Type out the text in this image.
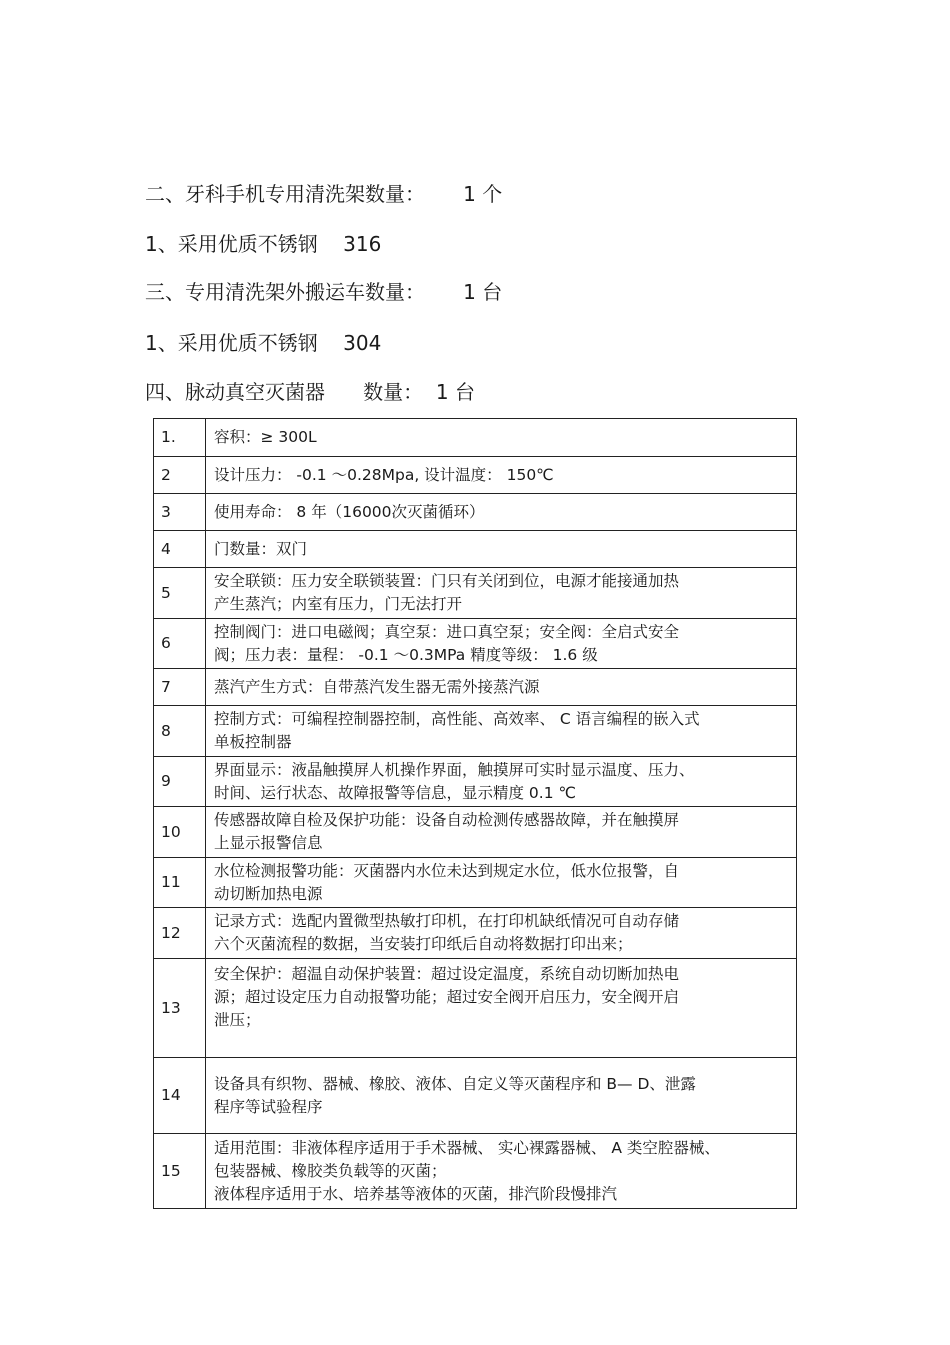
二、牙科手机专用清洗架数量：      1 个
1、采用优质不锈钢    316
三、专用清洗架外搬运车数量：      1 台
1、采用优质不锈钢    304
四、脉动真空灭菌器      数量：  1 台
1.	容积：≥ 300L
2	设计压力： -0.1 ～0.28Mpa, 设计温度： 150℃
3	使用寿命： 8 年（16000次灭菌循环）
4	门数量：双门
5	安全联锁：压力安全联锁装置：门只有关闭到位，电源才能接通加热
产生蒸汽；内室有压力，门无法打开
6	控制阀门：进口电磁阀；真空泵：进口真空泵；安全阀：全启式安全
阀；压力表：量程： -0.1 ～0.3MPa 精度等级： 1.6 级
7	蒸汽产生方式：自带蒸汽发生器无需外接蒸汽源
8	控制方式：可编程控制器控制，高性能、高效率、 C 语言编程的嵌入式
单板控制器
9	界面显示：液晶触摸屏人机操作界面，触摸屏可实时显示温度、压力、
时间、运行状态、故障报警等信息，显示精度 0.1 ℃
10	传感器故障自检及保护功能：设备自动检测传感器故障，并在触摸屏
上显示报警信息
11	水位检测报警功能：灭菌器内水位未达到规定水位，低水位报警，自
动切断加热电源
12	记录方式：选配内置微型热敏打印机，在打印机缺纸情况可自动存储
六个灭菌流程的数据，当安装打印纸后自动将数据打印出来；
13	安全保护：超温自动保护装置：超过设定温度，系统自动切断加热电
源；超过设定压力自动报警功能；超过安全阀开启压力，安全阀开启
泄压；
14	设备具有织物、器械、橡胶、液体、自定义等灭菌程序和 B— D、泄露
程序等试验程序
15	适用范围：非液体程序适用于手术器械、 实心裸露器械、 A 类空腔器械、
包装器械、橡胶类负载等的灭菌；
液体程序适用于水、培养基等液体的灭菌，排汽阶段慢排汽
